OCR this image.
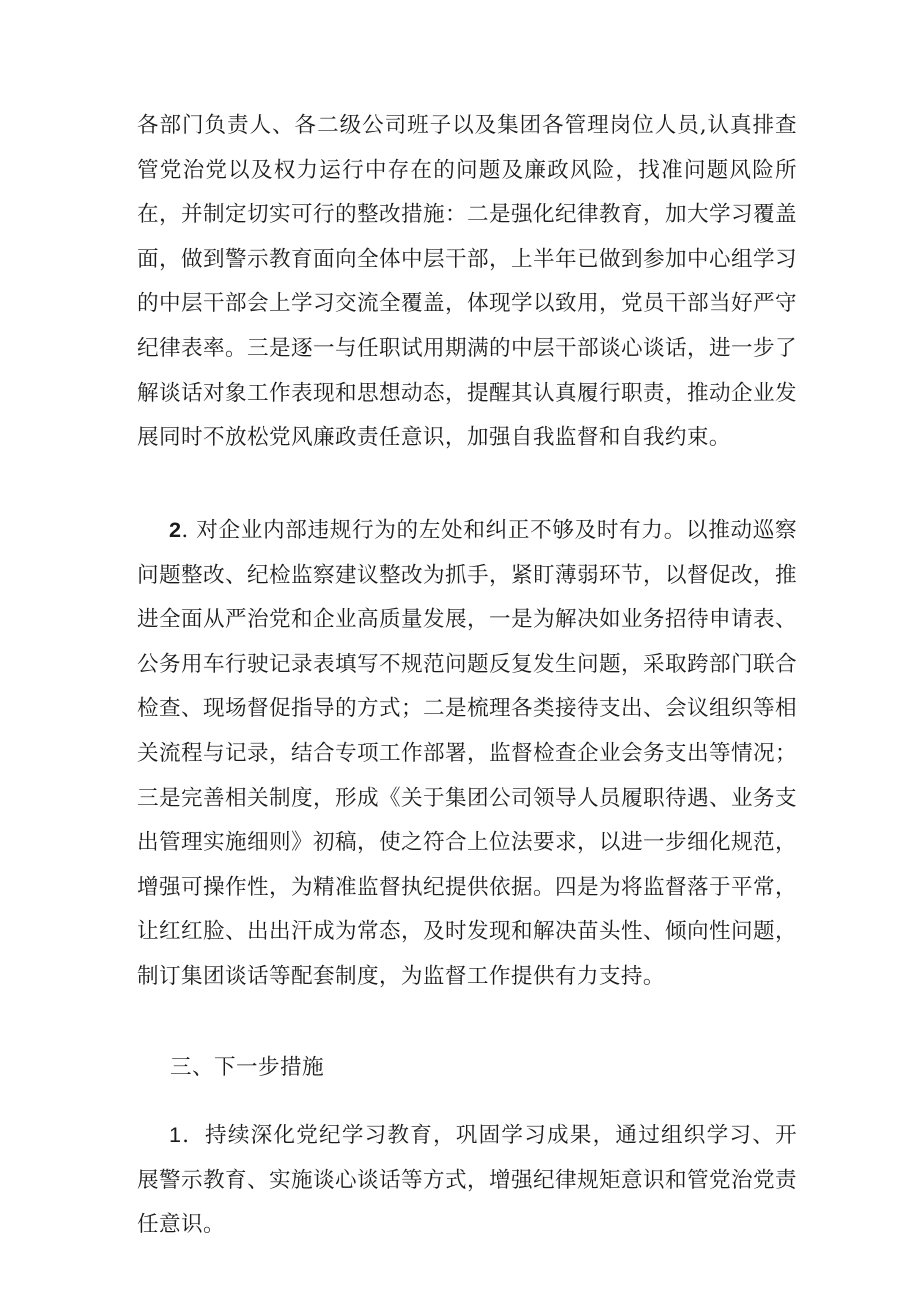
各部门负责人、各二级公司班子以及集团各管理岗位人员,认真排查管党治党以及权力运行中存在的问题及廉政风险，找准问题风险所在，并制定切实可行的整改措施：二是强化纪律教育，加大学习覆盖面，做到警示教育面向全体中层干部，上半年已做到参加中心组学习的中层干部会上学习交流全覆盖，体现学以致用，党员干部当好严守纪律表率。三是逐一与任职试用期满的中层干部谈心谈话，进一步了解谈话对象工作表现和思想动态，提醒其认真履行职责，推动企业发展同时不放松党风廉政责任意识，加强自我监督和自我约束。

2. 对企业内部违规行为的左处和纠正不够及时有力。以推动巡察问题整改、纪检监察建议整改为抓手，紧盯薄弱环节，以督促改，推进全面从严治党和企业高质量发展，一是为解决如业务招待申请表、公务用车行驶记录表填写不规范问题反复发生问题，采取跨部门联合检查、现场督促指导的方式；二是梳理各类接待支出、会议组织等相关流程与记录，结合专项工作部署，监督检查企业会务支出等情况；三是完善相关制度，形成《关于集团公司领导人员履职待遇、业务支出管理实施细则》初稿，使之符合上位法要求，以进一步细化规范，增强可操作性，为精准监督执纪提供依据。四是为将监督落于平常，让红红脸、出出汗成为常态，及时发现和解决苗头性、倾向性问题，制订集团谈话等配套制度，为监督工作提供有力支持。

三、下一步措施

1．持续深化党纪学习教育，巩固学习成果，通过组织学习、开展警示教育、实施谈心谈话等方式，增强纪律规矩意识和管党治党责任意识。
